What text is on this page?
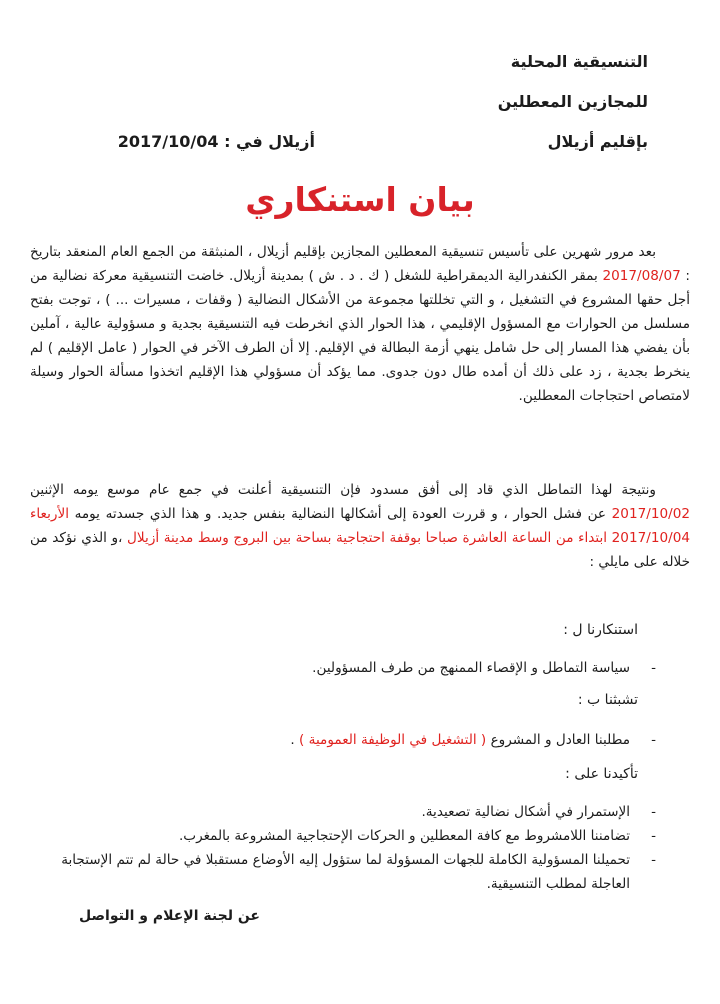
التنسيقية المحلية
للمجازين المعطلين
بإقليم أزيلال
أزيلال في : 2017/10/04
بيان استنكاري
بعد مرور شهرين على تأسيس تنسيقية المعطلين المجازين بإقليم أزيلال ، المنبثقة من الجمع العام المنعقد بتاريخ : 2017/08/07 بمقر الكنفدرالية الديمقراطية للشغل ( ك . د . ش ) بمدينة أزيلال. خاضت التنسيقية معركة نضالية من أجل حقها المشروع في التشغيل ، و التي تخللتها مجموعة من الأشكال النضالية ( وقفات ، مسيرات ... ) ، توجت بفتح مسلسل من الحوارات مع المسؤول الإقليمي ، هذا الحوار الذي انخرطت فيه التنسيقية بجدية و مسؤولية عالية ، آملين بأن يفضي هذا المسار إلى حل شامل ينهي أزمة البطالة في الإقليم. إلا أن الطرف الآخر في الحوار ( عامل الإقليم ) لم ينخرط بجدية ، زد على ذلك أن أمده طال دون جدوى. مما يؤكد أن مسؤولي هذا الإقليم اتخذوا مسألة الحوار وسيلة لامتصاص احتجاجات المعطلين.
ونتيجة لهذا التماطل الذي قاد إلى أفق مسدود فإن التنسيقية أعلنت في جمع عام موسع يومه الإثنين 2017/10/02 عن فشل الحوار ، و قررت العودة إلى أشكالها النضالية بنفس جديد. و هذا الذي جسدته يومه الأربعاء 2017/10/04 ابتداء من الساعة العاشرة صباحا بوقفة احتجاجية بساحة بين البروج وسط مدينة أزيلال ،و الذي نؤكد من خلاله على مايلي :
استنكارنا ل :
-
سياسة التماطل و الإقصاء الممنهج من طرف المسؤولين.
تشبثنا ب :
-
مطلبنا العادل و المشروع ( التشغيل في الوظيفة العمومية ) .
تأكيدنا على :
-
الإستمرار في أشكال نضالية تصعيدية.
-
تضامننا اللامشروط مع كافة المعطلين و الحركات الإحتجاجية المشروعة بالمغرب.
-
تحميلنا المسؤولية الكاملة للجهات المسؤولة لما ستؤول إليه الأوضاع مستقبلا في حالة لم تتم الإستجابة العاجلة لمطلب التنسيقية.
عن لجنة الإعلام و التواصل
